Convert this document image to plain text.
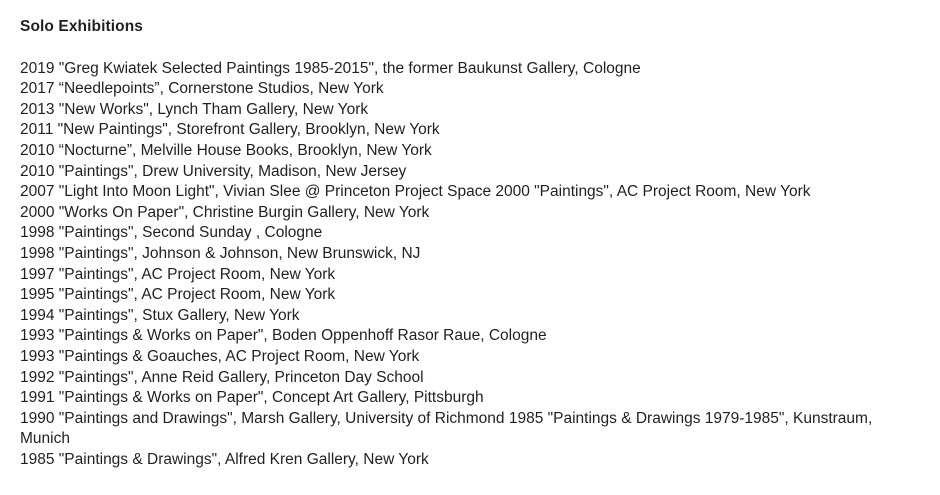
Solo Exhibitions
2019 "Greg Kwiatek Selected Paintings 1985-2015", the former Baukunst Gallery, Cologne
2017 “Needlepoints”, Cornerstone Studios, New York
2013 "New Works", Lynch Tham Gallery, New York
2011 "New Paintings", Storefront Gallery, Brooklyn, New York
2010 “Nocturne”, Melville House Books, Brooklyn, New York
2010 "Paintings", Drew University, Madison, New Jersey
2007 "Light Into Moon Light", Vivian Slee @ Princeton Project Space 2000 "Paintings", AC Project Room, New York
2000 "Works On Paper", Christine Burgin Gallery, New York
1998 "Paintings", Second Sunday , Cologne
1998 "Paintings", Johnson & Johnson, New Brunswick, NJ
1997 "Paintings", AC Project Room, New York
1995 "Paintings", AC Project Room, New York
1994 "Paintings", Stux Gallery, New York
1993 "Paintings & Works on Paper", Boden Oppenhoff Rasor Raue, Cologne
1993 "Paintings & Goauches, AC Project Room, New York
1992 "Paintings", Anne Reid Gallery, Princeton Day School
1991 "Paintings & Works on Paper", Concept Art Gallery, Pittsburgh
1990 "Paintings and Drawings", Marsh Gallery, University of Richmond 1985 "Paintings & Drawings 1979-1985", Kunstraum, Munich
1985 "Paintings & Drawings", Alfred Kren Gallery, New York
